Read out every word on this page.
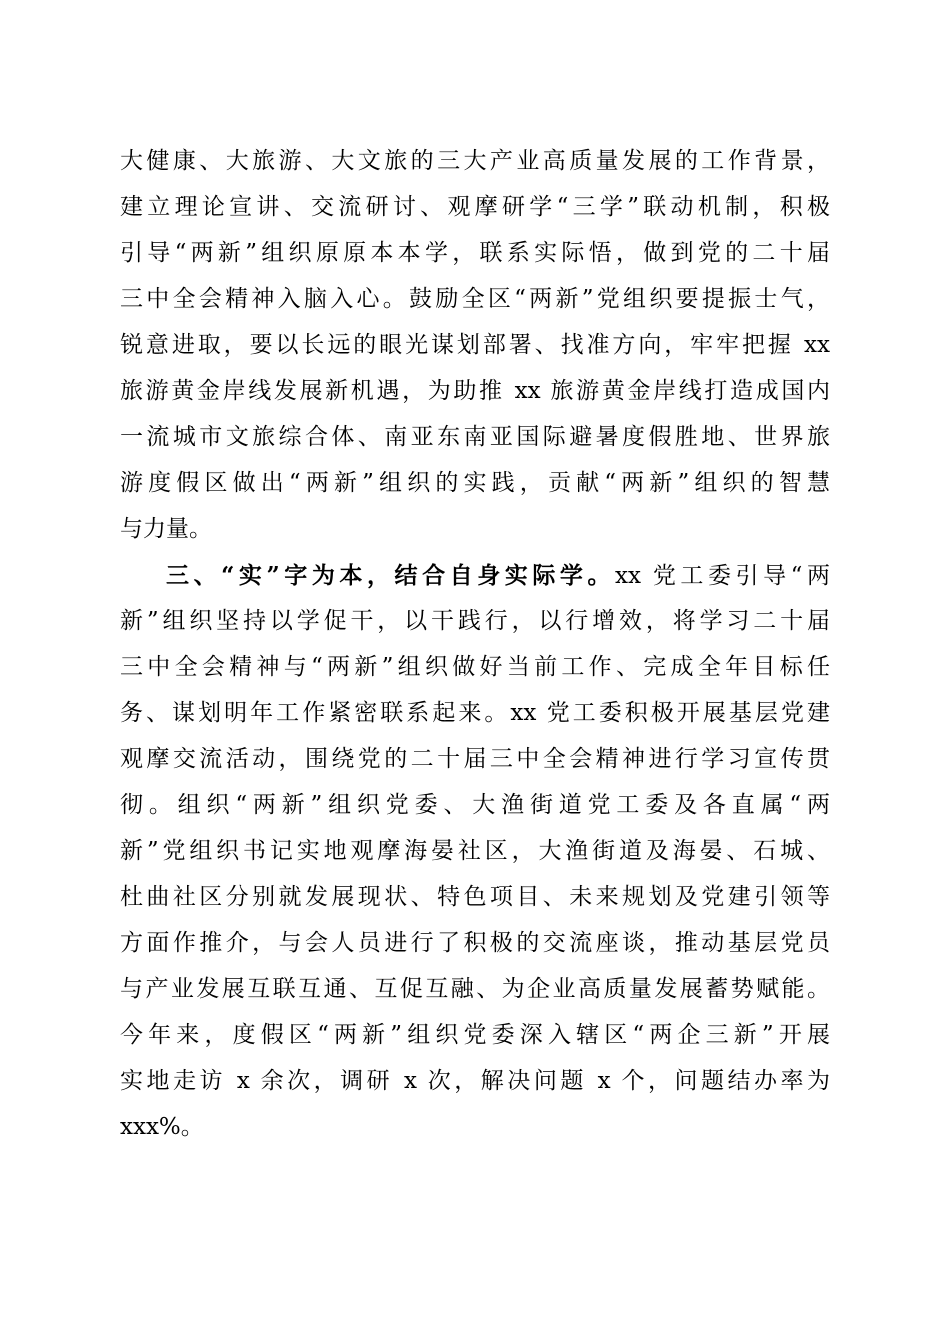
大健康、大旅游、大文旅的三大产业高质量发展的工作背景，
建立理论宣讲、交流研讨、观摩研学“三学”联动机制，积极
引导“两新”组织原原本本学，联系实际悟，做到党的二十届
三中全会精神入脑入心。鼓励全区“两新”党组织要提振士气，
锐意进取，要以长远的眼光谋划部署、找准方向，牢牢把握 xx
旅游黄金岸线发展新机遇，为助推 xx 旅游黄金岸线打造成国内
一流城市文旅综合体、南亚东南亚国际避暑度假胜地、世界旅
游度假区做出“两新”组织的实践，贡献“两新”组织的智慧
与力量。
三、“实”字为本，结合自身实际学。xx 党工委引导“两
新”组织坚持以学促干，以干践行，以行增效，将学习二十届
三中全会精神与“两新”组织做好当前工作、完成全年目标任
务、谋划明年工作紧密联系起来。xx 党工委积极开展基层党建
观摩交流活动，围绕党的二十届三中全会精神进行学习宣传贯
彻。组织“两新”组织党委、大渔街道党工委及各直属“两
新”党组织书记实地观摩海晏社区，大渔街道及海晏、石城、
杜曲社区分别就发展现状、特色项目、未来规划及党建引领等
方面作推介，与会人员进行了积极的交流座谈，推动基层党员
与产业发展互联互通、互促互融、为企业高质量发展蓄势赋能。
今年来，度假区“两新”组织党委深入辖区“两企三新”开展
实地走访 x 余次，调研 x 次，解决问题 x 个，问题结办率为
xxx%。
